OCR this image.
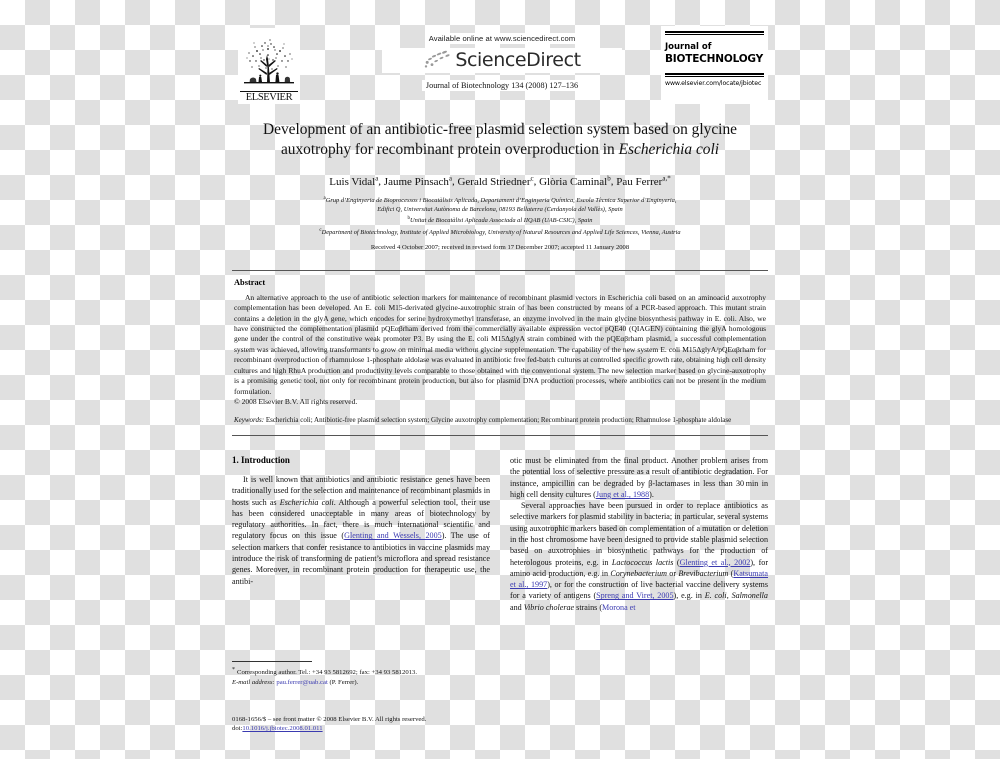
ELSEVIER
Available online at www.sciencedirect.com
ScienceDirect
Journal of Biotechnology 134 (2008) 127–136
Journal of
BIOTECHNOLOGY
www.elsevier.com/locate/jbiotec
Development of an antibiotic-free plasmid selection system based on glycine
auxotrophy for recombinant protein overproduction in Escherichia coli
Luis Vidal$^a$, Jaume Pinsach$^a$, Gerald Striedner$^c$, Glòria Caminal$^b$, Pau Ferrer$^{a,*}$
$^a$Grup d’Enginyeria de Bioprocessos i Biocatàlisis Aplicada, Departament d’Enginyeria Química, Escola Tècnica Superior d’Enginyeria,
Edifici Q, Universitat Autònoma de Barcelona, 08193 Bellaterra (Cerdanyola del Vallès), Spain
$^b$Unitat de Biocatàlisi Aplicada Associada al IIQAB (UAB-CSIC), Spain
$^c$Department of Biotechnology, Institute of Applied Microbiology, University of Natural Resources and Applied Life Sciences, Vienna, Austria
Received 4 October 2007; received in revised form 17 December 2007; accepted 11 January 2008
Abstract

An alternative approach to the use of antibiotic selection markers for maintenance of recombinant plasmid vectors in Escherichia coli based on an aminoacid auxotrophy complementation has been developed. An E. coli M15-derivated glycine-auxotrophic strain of has been constructed by means of a PCR-based approach. This mutant strain contains a deletion in the glyA gene, which encodes for serine hydroxymethyl transferase, an enzyme involved in the main glycine biosynthesis pathway in E. coli. Also, we have constructed the complementation plasmid pQEαβrham derived from the commercially available expression vector pQE40 (QIAGEN) containing the glyA homologous gene under the control of the constitutive weak promoter P3. By using the E. coli M15ΔglyA strain combined with the pQEαβrham plasmid, a successful complementation system was achieved, allowing transformants to grow on minimal media without glycine supplementation. The capability of the new system E. coli M15ΔglyA/pQEαβrham for recombinant overproduction of rhamnulose 1-phosphate aldolase was evaluated in antibiotic free fed-batch cultures at controlled specific growth rate, obtaining high cell density cultures and high RhuA production and productivity levels comparable to those obtained with the conventional system. The new selection marker based on glycine-auxotrophy is a promising genetic tool, not only for recombinant protein production, but also for plasmid DNA production processes, where antibiotics can not be present in the medium formulation.

© 2008 Elsevier B.V. All rights reserved.

Keywords: Escherichia coli; Antibiotic-free plasmid selection system; Glycine auxotrophy complementation; Recombinant protein production; Rhamnulose 1-phosphate aldolase
1. Introduction

It is well known that antibiotics and antibiotic resistance genes have been traditionally used for the selection and maintenance of recombinant plasmids in hosts such as Escherichia coli. Although a powerful selection tool, their use has been considered unacceptable in many areas of biotechnology by regulatory authorities. In fact, there is much international scientific and regulatory focus on this issue (Glenting and Wessels, 2005). The use of selection markers that confer resistance to antibiotics in vaccine plasmids may introduce the risk of transforming de patient’s microflora and spread resistance genes. Moreover, in recombinant protein production for therapeutic use, the antibi-

* Corresponding author. Tel.: +34 93 5812692; fax: +34 93 5812013.
E-mail address: pau.ferrer@uab.cat (P. Ferrer).
0168-1656/$ – see front matter © 2008 Elsevier B.V. All rights reserved.
doi:10.1016/j.jbiotec.2008.01.011

otic must be eliminated from the final product. Another problem arises from the potential loss of selective pressure as a result of antibiotic degradation. For instance, ampicillin can be degraded by β-lactamases in less than 30 min in high cell density cultures (Jung et al., 1988).

Several approaches have been pursued in order to replace antibiotics as selective markers for plasmid stability in bacteria; in particular, several systems using auxotrophic markers based on complementation of a mutation or deletion in the host chromosome have been designed to provide stable plasmid selection based on auxotrophies in biosynthetic pathways for the production of heterologous proteins, e.g. in Lactococcus lactis (Glenting et al., 2002), for amino acid production, e.g. in Corynebacterium or Brevibacterium (Katsumata et al., 1997), or for the construction of live bacterial vaccine delivery systems for a variety of antigens (Spreng and Viret, 2005), e.g. in E. coli, Salmonella and Vibrio cholerae strains (Morona et
